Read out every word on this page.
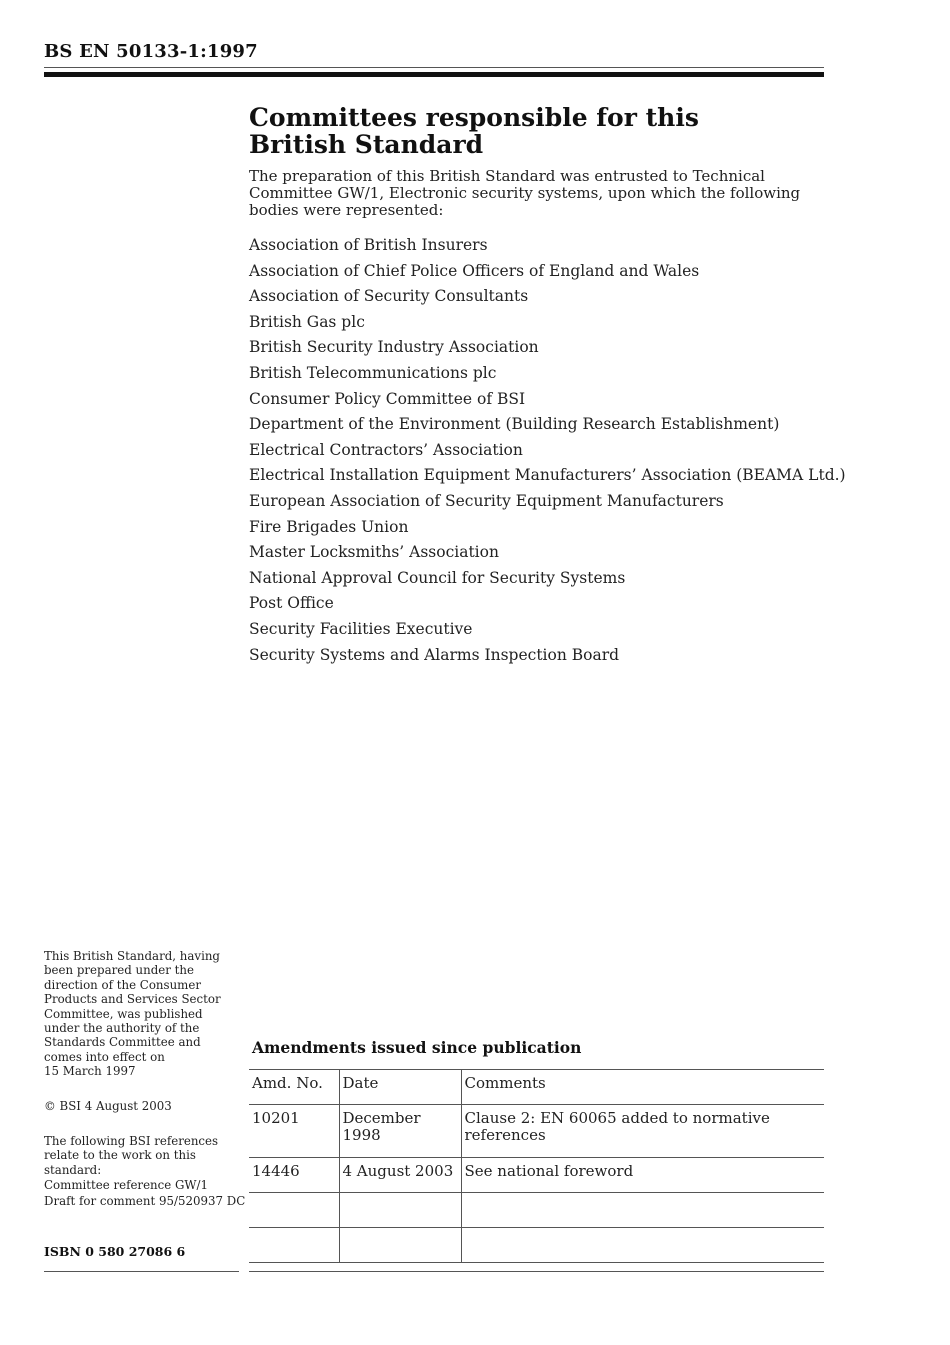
BS EN 50133-1:1997
Committees responsible for this
British Standard

The preparation of this British Standard was entrusted to Technical Committee GW/1, Electronic security systems, upon which the following bodies were represented:

Association of British Insurers
Association of Chief Police Officers of England and Wales
Association of Security Consultants
British Gas plc
British Security Industry Association
British Telecommunications plc
Consumer Policy Committee of BSI
Department of the Environment (Building Research Establishment)
Electrical Contractors’ Association
Electrical Installation Equipment Manufacturers’ Association (BEAMA Ltd.)
European Association of Security Equipment Manufacturers
Fire Brigades Union
Master Locksmiths’ Association
National Approval Council for Security Systems
Post Office
Security Facilities Executive
Security Systems and Alarms Inspection Board
This British Standard, having
been prepared under the
direction of the Consumer
Products and Services Sector
Committee, was published
under the authority of the
Standards Committee and
comes into effect on
15 March 1997
© BSI 4 August 2003
The following BSI references
relate to the work on this
standard:
Committee reference GW/1
Draft for comment 95/520937 DC
ISBN 0 580 27086 6
Amendments issued since publication
Amd. No.	Date	Comments
10201	December 1998	Clause 2: EN 60065 added to normative references
14446	4 August 2003	See national foreword
